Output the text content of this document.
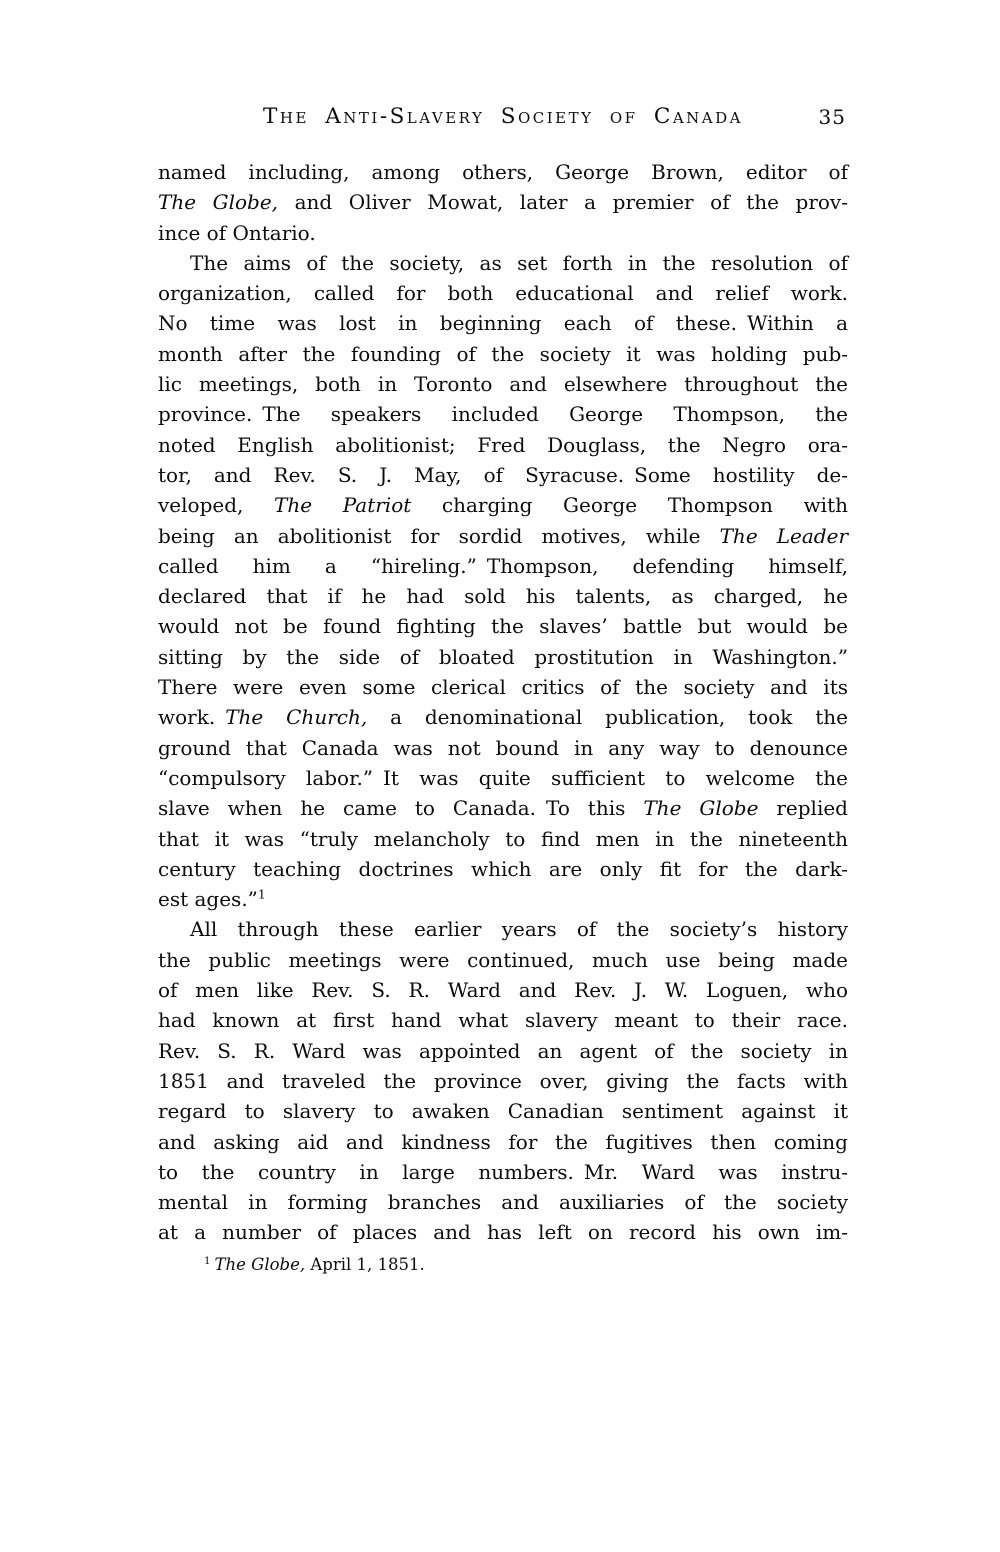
The Anti-Slavery Society of Canada	35
named including, among others, George Brown, editor of
The Globe, and Oliver Mowat, later a premier of the prov-
ince of Ontario.
The aims of the society, as set forth in the resolution of
organization, called for both educational and relief work.
No time was lost in beginning each of these. Within a
month after the founding of the society it was holding pub-
lic meetings, both in Toronto and elsewhere throughout the
province. The speakers included George Thompson, the
noted English abolitionist; Fred Douglass, the Negro ora-
tor, and Rev. S. J. May, of Syracuse. Some hostility de-
veloped, The Patriot charging George Thompson with
being an abolitionist for sordid motives, while The Leader
called him a “hireling.” Thompson, defending himself,
declared that if he had sold his talents, as charged, he
would not be found fighting the slaves’ battle but would be
sitting by the side of bloated prostitution in Washington.”
There were even some clerical critics of the society and its
work. The Church, a denominational publication, took the
ground that Canada was not bound in any way to denounce
“compulsory labor.” It was quite sufficient to welcome the
slave when he came to Canada. To this The Globe replied
that it was “truly melancholy to find men in the nineteenth
century teaching doctrines which are only fit for the dark-
est ages.”$^1$
All through these earlier years of the society’s history
the public meetings were continued, much use being made
of men like Rev. S. R. Ward and Rev. J. W. Loguen, who
had known at first hand what slavery meant to their race.
Rev. S. R. Ward was appointed an agent of the society in
1851 and traveled the province over, giving the facts with
regard to slavery to awaken Canadian sentiment against it
and asking aid and kindness for the fugitives then coming
to the country in large numbers. Mr. Ward was instru-
mental in forming branches and auxiliaries of the society
at a number of places and has left on record his own im-
$^1$ The Globe, April 1, 1851.
